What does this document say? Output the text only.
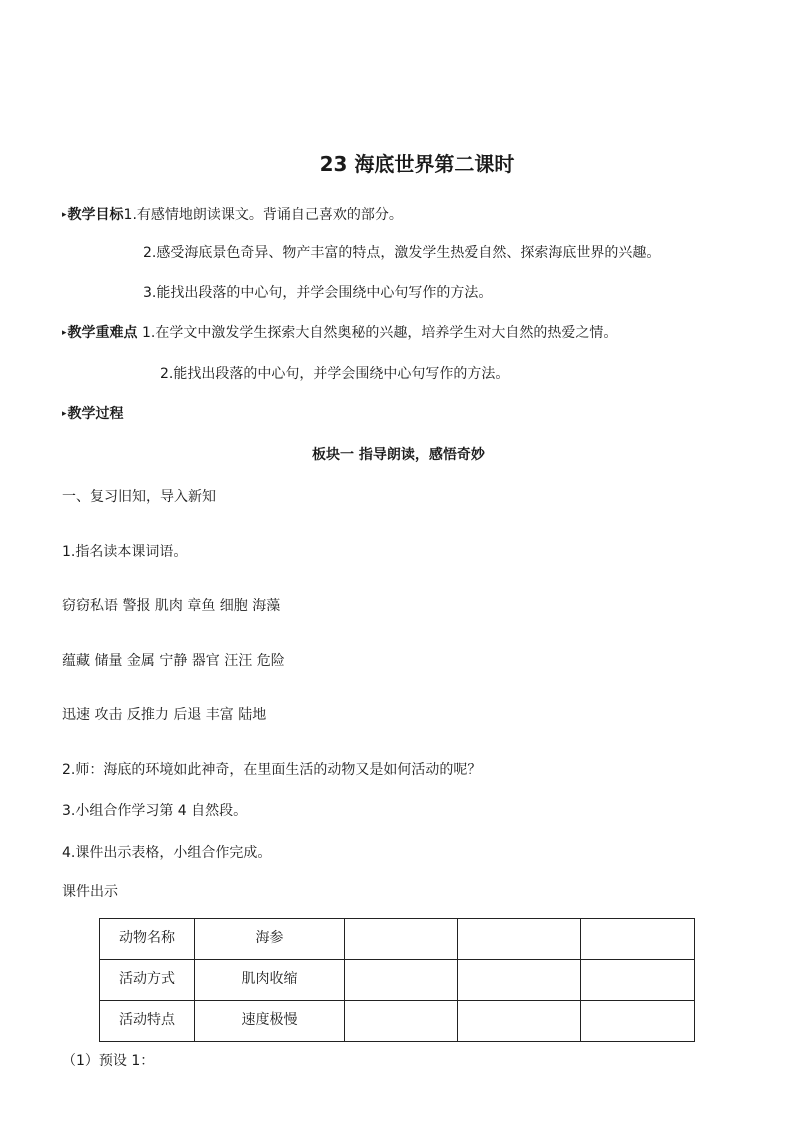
23 海底世界第二课时
▸教学目标1.有感情地朗读课文。背诵自己喜欢的部分。
2.感受海底景色奇异、物产丰富的特点，激发学生热爱自然、探索海底世界的兴趣。
3.能找出段落的中心句，并学会围绕中心句写作的方法。
▸教学重难点 1.在学文中激发学生探索大自然奥秘的兴趣，培养学生对大自然的热爱之情。
2.能找出段落的中心句，并学会围绕中心句写作的方法。
▸教学过程
板块一 指导朗读，感悟奇妙
一、复习旧知，导入新知
1.指名读本课词语。
窃窃私语 警报 肌肉 章鱼 细胞 海藻
蕴藏 储量 金属 宁静 器官 汪汪 危险
迅速 攻击 反推力 后退 丰富 陆地
2.师：海底的环境如此神奇，在里面生活的动物又是如何活动的呢？
3.小组合作学习第 4 自然段。
4.课件出示表格，小组合作完成。
课件出示
动物名称	海参			

活动方式	肌肉收缩			

活动特点	速度极慢			

（1）预设 1：
